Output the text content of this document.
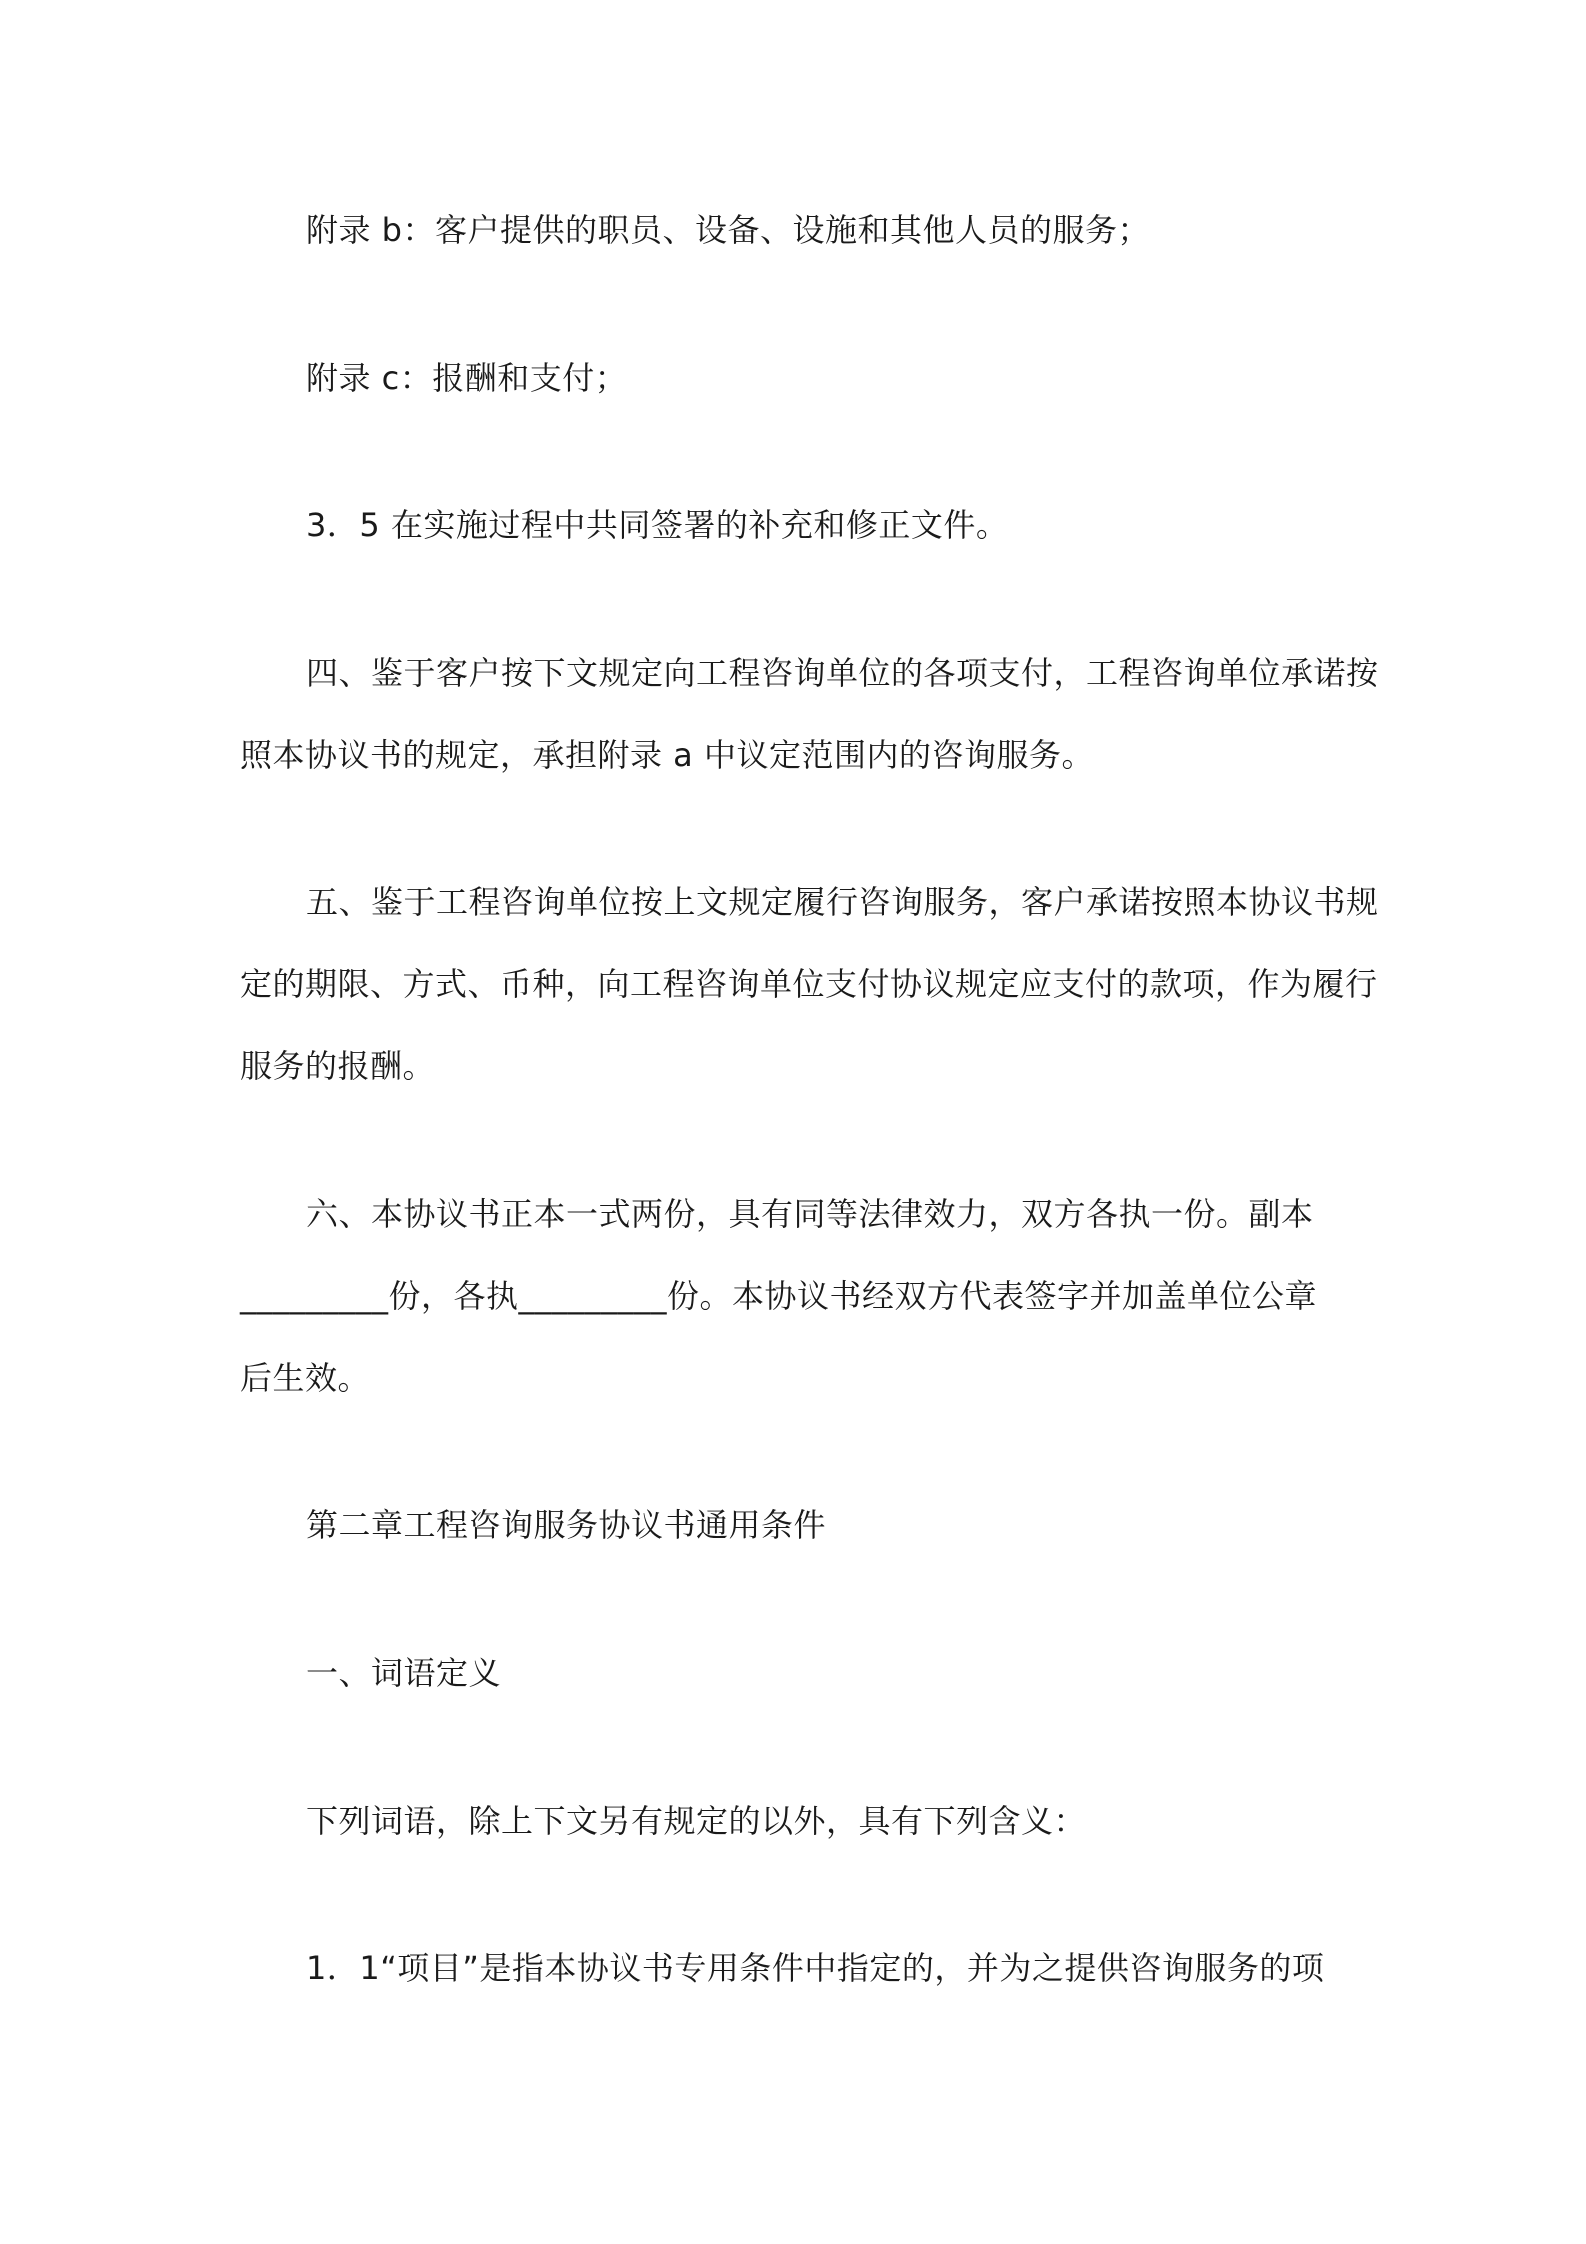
附录 b：客户提供的职员、设备、设施和其他人员的服务；
附录 c：报酬和支付；
3．5 在实施过程中共同签署的补充和修正文件。
四、鉴于客户按下文规定向工程咨询单位的各项支付，工程咨询单位承诺按
照本协议书的规定，承担附录 a 中议定范围内的咨询服务。
五、鉴于工程咨询单位按上文规定履行咨询服务，客户承诺按照本协议书规
定的期限、方式、币种，向工程咨询单位支付协议规定应支付的款项，作为履行
服务的报酬。
六、本协议书正本一式两份，具有同等法律效力，双方各执一份。副本
_________份，各执_________份。本协议书经双方代表签字并加盖单位公章
后生效。
第二章工程咨询服务协议书通用条件
一、词语定义
下列词语，除上下文另有规定的以外，具有下列含义：
1．1“项目”是指本协议书专用条件中指定的，并为之提供咨询服务的项
